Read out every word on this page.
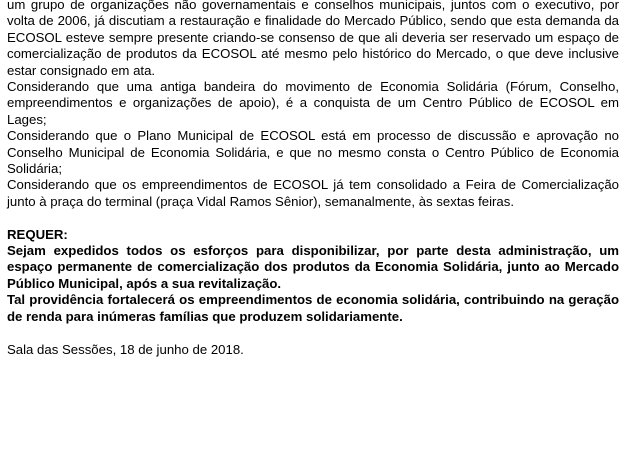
um grupo de organizações não governamentais e conselhos municipais, juntos com o executivo, por volta de 2006, já discutiam a restauração e finalidade do Mercado Público, sendo que esta demanda da ECOSOL esteve sempre presente criando-se consenso de que ali deveria ser reservado um espaço de comercialização de produtos da ECOSOL até mesmo pelo histórico do Mercado, o que deve inclusive estar consignado em ata.

Considerando que uma antiga bandeira do movimento de Economia Solidária (Fórum, Conselho, empreendimentos e organizações de apoio), é a conquista de um Centro Público de ECOSOL em Lages;

Considerando que o Plano Municipal de ECOSOL está em processo de discussão e aprovação no Conselho Municipal de Economia Solidária, e que no mesmo consta o Centro Público de Economia Solidária;

Considerando que os empreendimentos de ECOSOL já tem consolidado a Feira de Comercialização junto à praça do terminal (praça Vidal Ramos Sênior), semanalmente, às sextas feiras.

REQUER:

Sejam expedidos todos os esforços para disponibilizar, por parte desta administração, um espaço permanente de comercialização dos produtos da Economia Solidária, junto ao Mercado Público Municipal, após a sua revitalização.

Tal providência fortalecerá os empreendimentos de economia solidária, contribuindo na geração de renda para inúmeras famílias que produzem solidariamente.

Sala das Sessões, 18 de junho de 2018.
